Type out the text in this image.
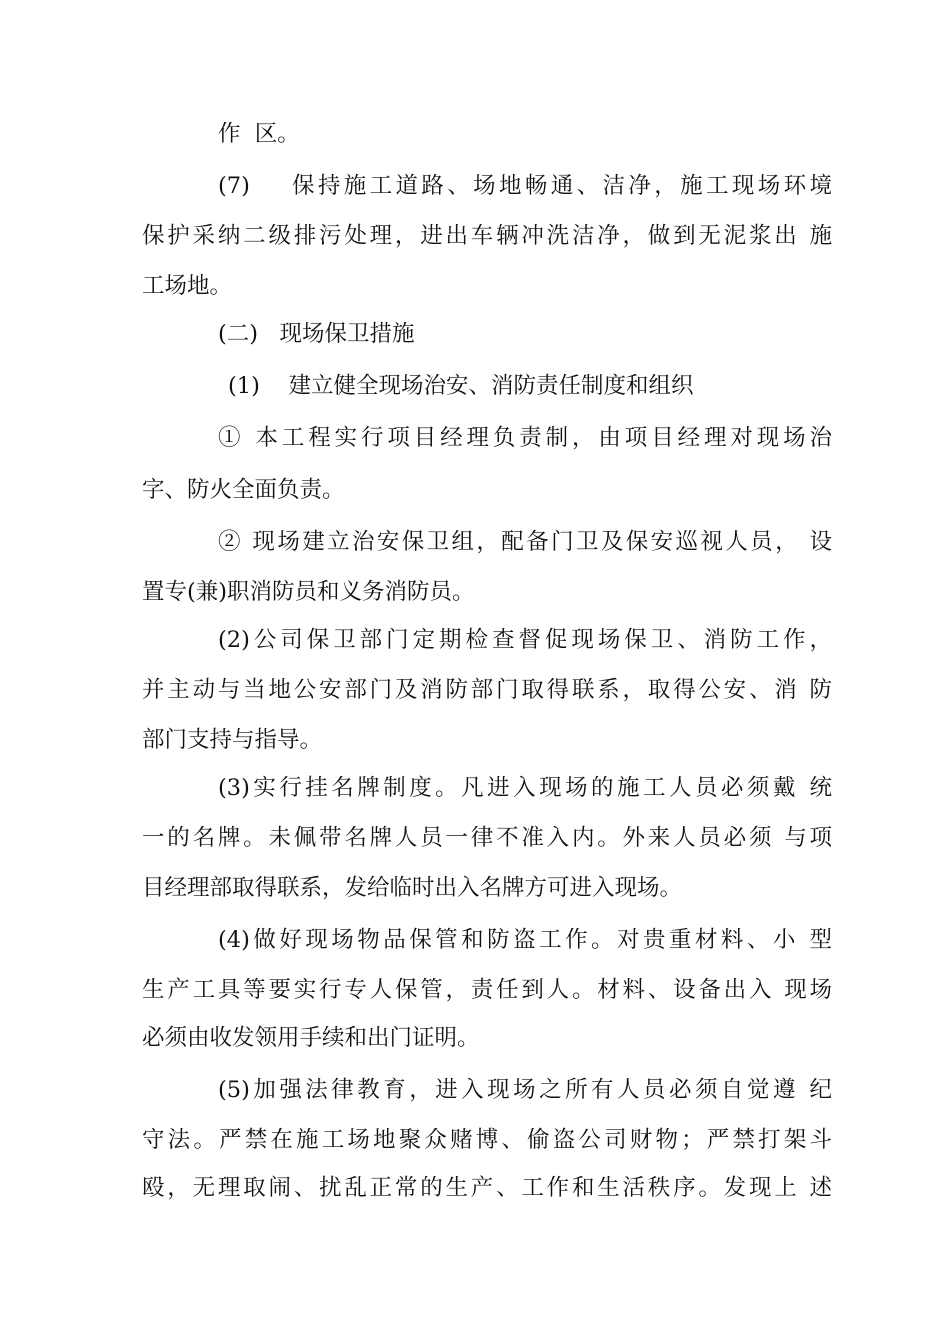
作  区。
(7)    保持施工道路、场地畅通、洁净，施工现场环境
保护采纳二级排污处理，进出车辆冲洗洁净，做到无泥浆出 施
工场地。
(二)   现场保卫措施
(1)    建立健全现场治安、消防责任制度和组织
① 本工程实行项目经理负责制，由项目经理对现场治
字、防火全面负责。
② 现场建立治安保卫组，配备门卫及保安巡视人员， 设
置专(兼)职消防员和义务消防员。
(2)公司保卫部门定期检查督促现场保卫、消防工作，
并主动与当地公安部门及消防部门取得联系，取得公安、消 防
部门支持与指导。
(3)实行挂名牌制度。凡进入现场的施工人员必须戴 统
一的名牌。未佩带名牌人员一律不准入内。外来人员必须 与项
目经理部取得联系，发给临时出入名牌方可进入现场。
(4)做好现场物品保管和防盗工作。对贵重材料、小 型
生产工具等要实行专人保管，责任到人。材料、设备出入 现场
必须由收发领用手续和出门证明。
(5)加强法律教育，进入现场之所有人员必须自觉遵 纪
守法。严禁在施工场地聚众赌博、偷盗公司财物；严禁打架斗
殴，无理取闹、扰乱正常的生产、工作和生活秩序。发现上 述
